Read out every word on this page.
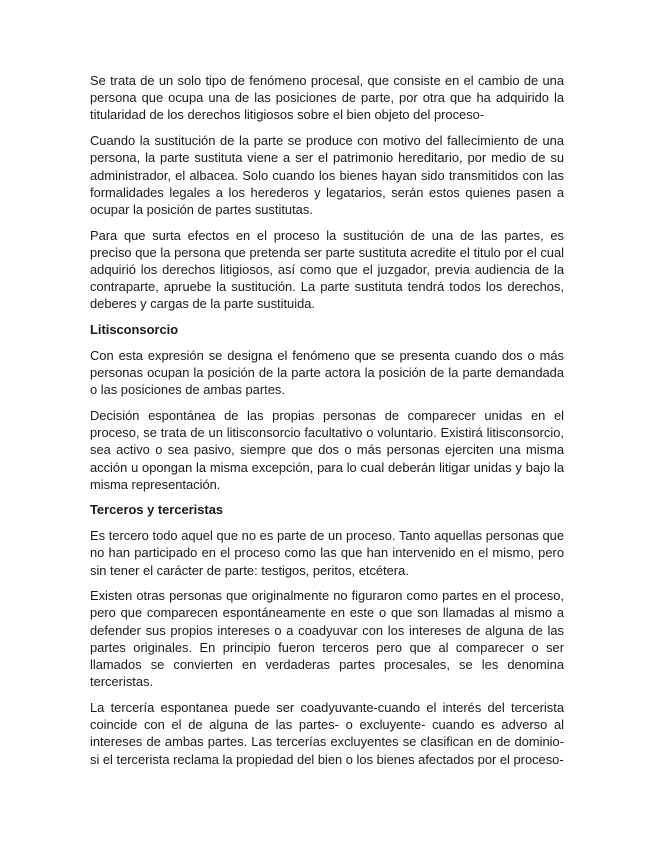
Se trata de un solo tipo de fenómeno procesal, que consiste en el cambio de una persona que ocupa una de las posiciones de parte, por otra que ha adquirido la titularidad de los derechos litigiosos sobre el bien objeto del proceso-

Cuando la sustitución de la parte se produce con motivo del fallecimiento de una persona, la parte sustituta viene a ser el patrimonio hereditario, por medio de su administrador, el albacea. Solo cuando los bienes hayan sido transmitidos con las formalidades legales a los herederos y legatarios, serán estos quienes pasen a ocupar la posición de partes sustitutas.

Para que surta efectos en el proceso la sustitución de una de las partes, es preciso que la persona que pretenda ser parte sustituta acredite el titulo por el cual adquirió los derechos litigiosos, así como que el juzgador, previa audiencia de la contraparte, apruebe la sustitución. La parte sustituta tendrá todos los derechos, deberes y cargas de la parte sustituida.

Litisconsorcio

Con esta expresión se designa el fenómeno que se presenta cuando dos o más personas ocupan la posición de la parte actora la posición de la parte demandada o las posiciones de ambas partes.

Decisión espontánea de las propias personas de comparecer unidas en el proceso, se trata de un litisconsorcio facultativo o voluntario. Existirá litisconsorcio, sea activo o sea pasivo, siempre que dos o más personas ejerciten una misma acción u opongan la misma excepción, para lo cual deberán litigar unidas y bajo la misma representación.

Terceros y terceristas

Es tercero todo aquel que no es parte de un proceso. Tanto aquellas personas que no han participado en el proceso como las que han intervenido en el mismo, pero sin tener el carácter de parte: testigos, peritos, etcétera.

Existen otras personas que originalmente no figuraron como partes en el proceso, pero que comparecen espontáneamente en este o que son llamadas al mismo a defender sus propios intereses o a coadyuvar con los intereses de alguna de las partes originales. En principio fueron terceros pero que al comparecer o ser llamados se convierten en verdaderas partes procesales, se les denomina terceristas.

La tercería espontanea puede ser coadyuvante-cuando el interés del tercerista coincide con el de alguna de las partes- o excluyente- cuando es adverso al intereses de ambas partes. Las tercerías excluyentes se clasifican en de dominio-si el tercerista reclama la propiedad del bien o los bienes afectados por el proceso-
